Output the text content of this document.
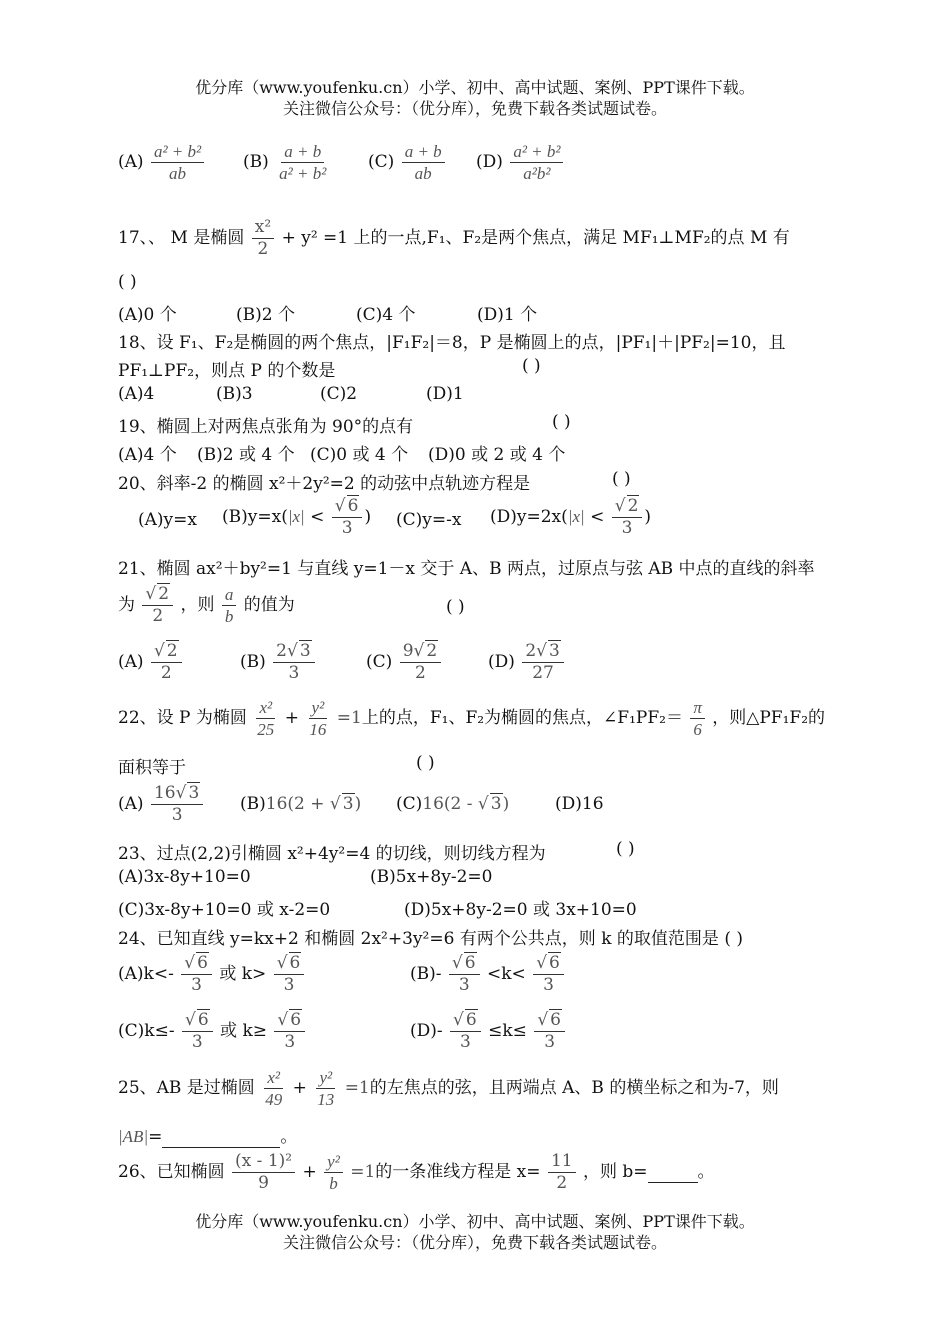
优分库（www.youfenku.cn）小学、初中、高中试题、案例、PPT课件下载。
关注微信公众号：（优分库），免费下载各类试题试卷。
$(A) \frac{\text{a² + b²}}{ab} (B) \frac{a + b}{\text{a² + b²}} (C) \frac{a + b}{ab} (D) \frac{\text{a² + b²}}{\text{a²b²}}$
17、、 M 是椭圆 $\frac{\text{x²}}{2} + y^2 =1$ 上的一点,F₁、F₂是两个焦点，满足 MF₁⊥MF₂的点 M 有
( )
(A)0 个	(B)2 个	(C)4 个	(D)1 个
18、设 F₁、F₂是椭圆的两个焦点，|F₁F₂|＝8，P 是椭圆上的点，|PF₁|＋|PF₂|=10，且
PF₁⊥PF₂，则点 P 的个数是	( )
(A)4	(B)3	(C)2	(D)1
19、椭圆上对两焦点张角为 90°的点有	( )
(A)4 个 (B)2 或 4 个 (C)0 或 4 个 (D)0 或 2 或 4 个
20、斜率-2 的椭圆 x²＋2y²=2 的动弦中点轨迹方程是	( )
(A)y=x $(B)y=x(|x| < \frac{√ 6}{3}$ ) (C)y=-x $(D)y=2x(|x| < \frac{√ 2}{3}$ )
21、椭圆 ax²＋by²=1 与直线 y=1－x 交于 A、B 两点，过原点与弦 AB 中点的直线的斜率
为 $\frac{√ 2}{2}$ ，则 $\frac{a}{b}$ 的值为	( )
$(A) \frac{√ 2}{2}$	$(B) \frac{2√ 3}{3}$	$(C) \frac{9√ 2}{2}$	$(D) \frac{2√ 3}{27}$
22、设 P 为椭圆 $\frac{\text{x²}}{25} + \frac{\text{y²}}{16} =1$上的点，F₁、F₂为椭圆的焦点，∠F₁PF₂＝ $\frac{\pi}{6}$ ，则△PF₁F₂的
面积等于	( )
$(A) \frac{16√ 3}{3} (B)16(2$ + √ 3) (C)16(2 - √ 3)	(D)16
23、过点(2,2)引椭圆 x²+4y²=4 的切线，则切线方程为	( )
(A)3x-8y+10=0	(B)5x+8y-2=0
(C)3x-8y+10=0 或 x-2=0	(D)5x+8y-2=0 或 3x+10=0
24、已知直线 y=kx+2 和椭圆 2x²+3y²=6 有两个公共点，则 k 的取值范围是 ( )
$(A)k<- \frac{√ 6}{3}$ 或 $k> \frac{√ 6}{3}$	$(B)- \frac{√ 6}{3} <k< \frac{√ 6}{3}$
$(C)k\le- \frac{√ 6}{3}$ 或 $k\ge \frac{√ 6}{3}$	$(D)- \frac{√ 6}{3} \le k\le \frac{√ 6}{3}$
25、AB 是过椭圆 $\frac{\text{x²}}{49} + \frac{\text{y²}}{13} =1$的左焦点的弦，且两端点 A、B 的横坐标之和为-7，则
|AB|=	。
26、已知椭圆 $\frac{\text{(x - 1)²}}{9} + \frac{\text{y²}}{b} =1$的一条准线方程是 $x= \frac{11}{2}$ ，则 b=	。
优分库（www.youfenku.cn）小学、初中、高中试题、案例、PPT课件下载。
关注微信公众号：（优分库），免费下载各类试题试卷。
